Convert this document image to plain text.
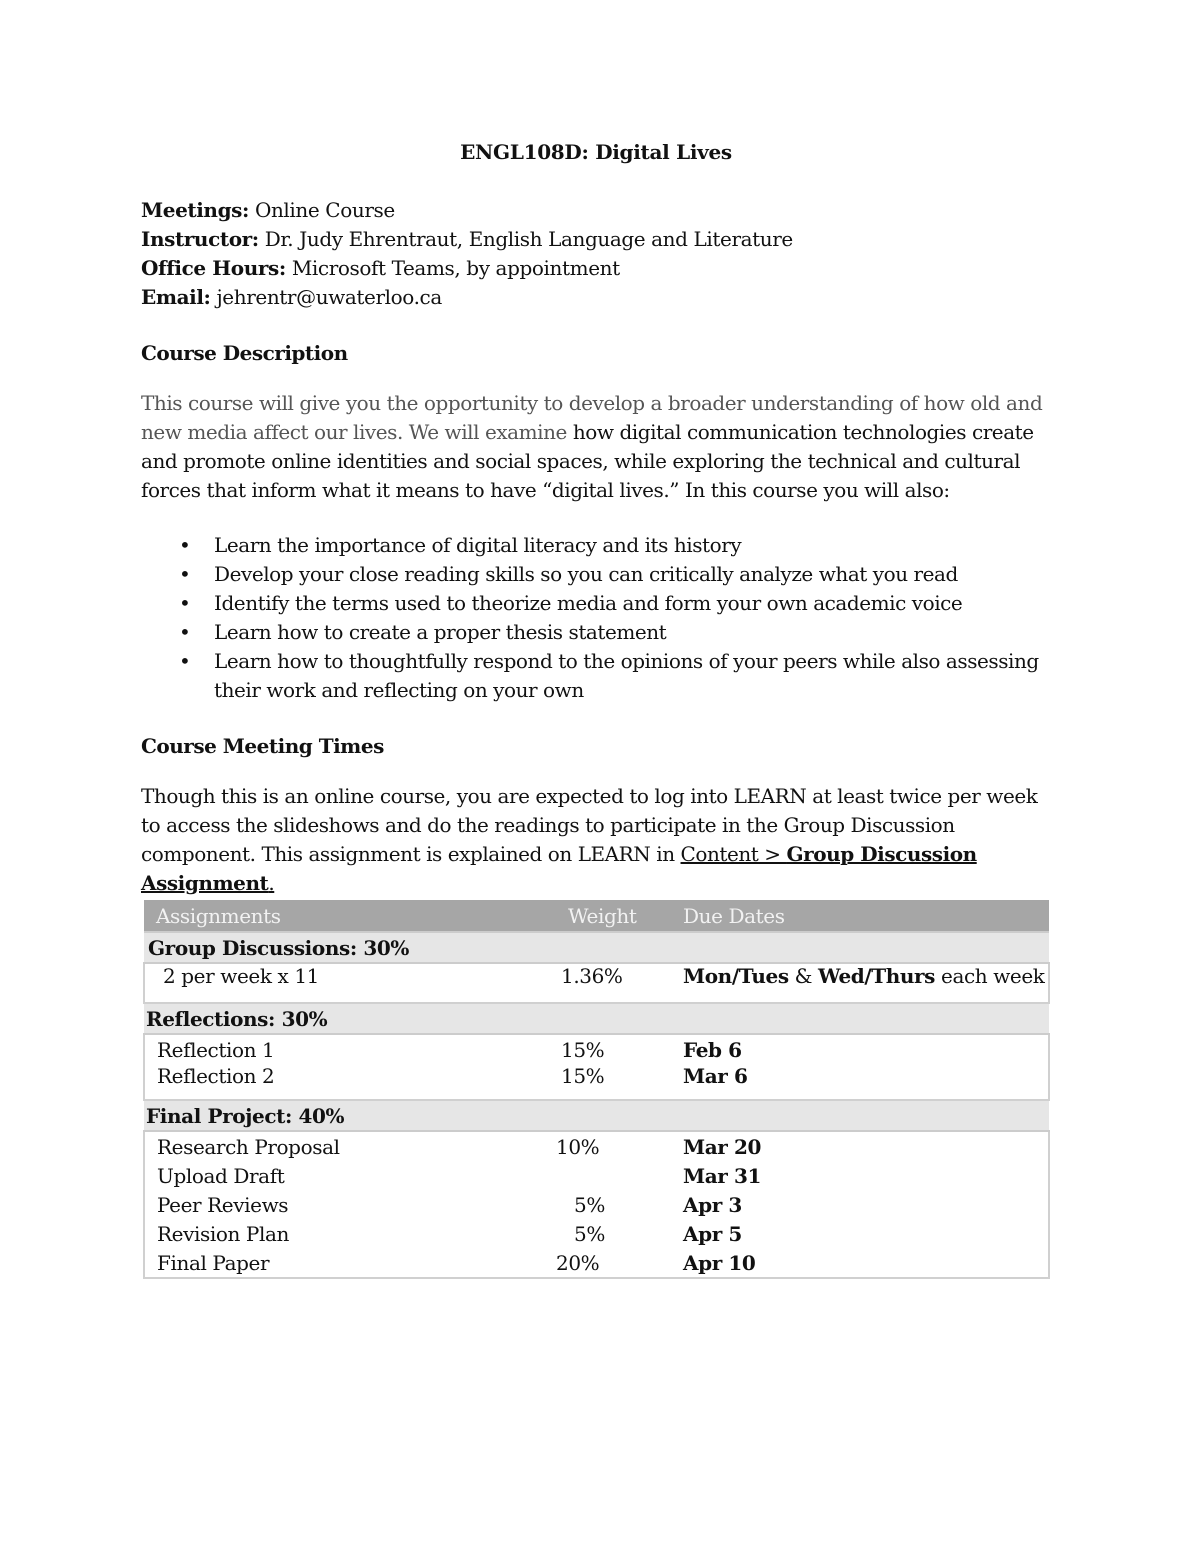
ENGL108D: Digital Lives

Meetings: Online Course

Instructor: Dr. Judy Ehrentraut, English Language and Literature

Office Hours: Microsoft Teams, by appointment

Email: jehrentr@uwaterloo.ca

Course Description

This course will give you the opportunity to develop a broader understanding of how old and new media affect our lives. We will examine how digital communication technologies create and promote online identities and social spaces, while exploring the technical and cultural forces that inform what it means to have “digital lives.” In this course you will also:

• Learn the importance of digital literacy and its history
• Develop your close reading skills so you can critically analyze what you read
• Identify the terms used to theorize media and form your own academic voice
• Learn how to create a proper thesis statement
• Learn how to thoughtfully respond to the opinions of your peers while also assessing their work and reflecting on your own
Course Meeting Times

Though this is an online course, you are expected to log into LEARN at least twice per week to access the slideshows and do the readings to participate in the Group Discussion component. This assignment is explained on LEARN in Content > Group Discussion Assignment.

Assignments	Weight	Due Dates
Group Discussions: 30%		
2 per week x 11	1.36%	Mon/Tues & Wed/Thurs each week
Reflections: 30%		
Reflection 1	15%	Feb 6
Reflection 2	15%	Mar 6
Final Project: 40%		
Research Proposal	10%	Mar 20
Upload Draft		Mar 31
Peer Reviews	5%	Apr 3
Revision Plan	5%	Apr 5
Final Paper	20%	Apr 10
